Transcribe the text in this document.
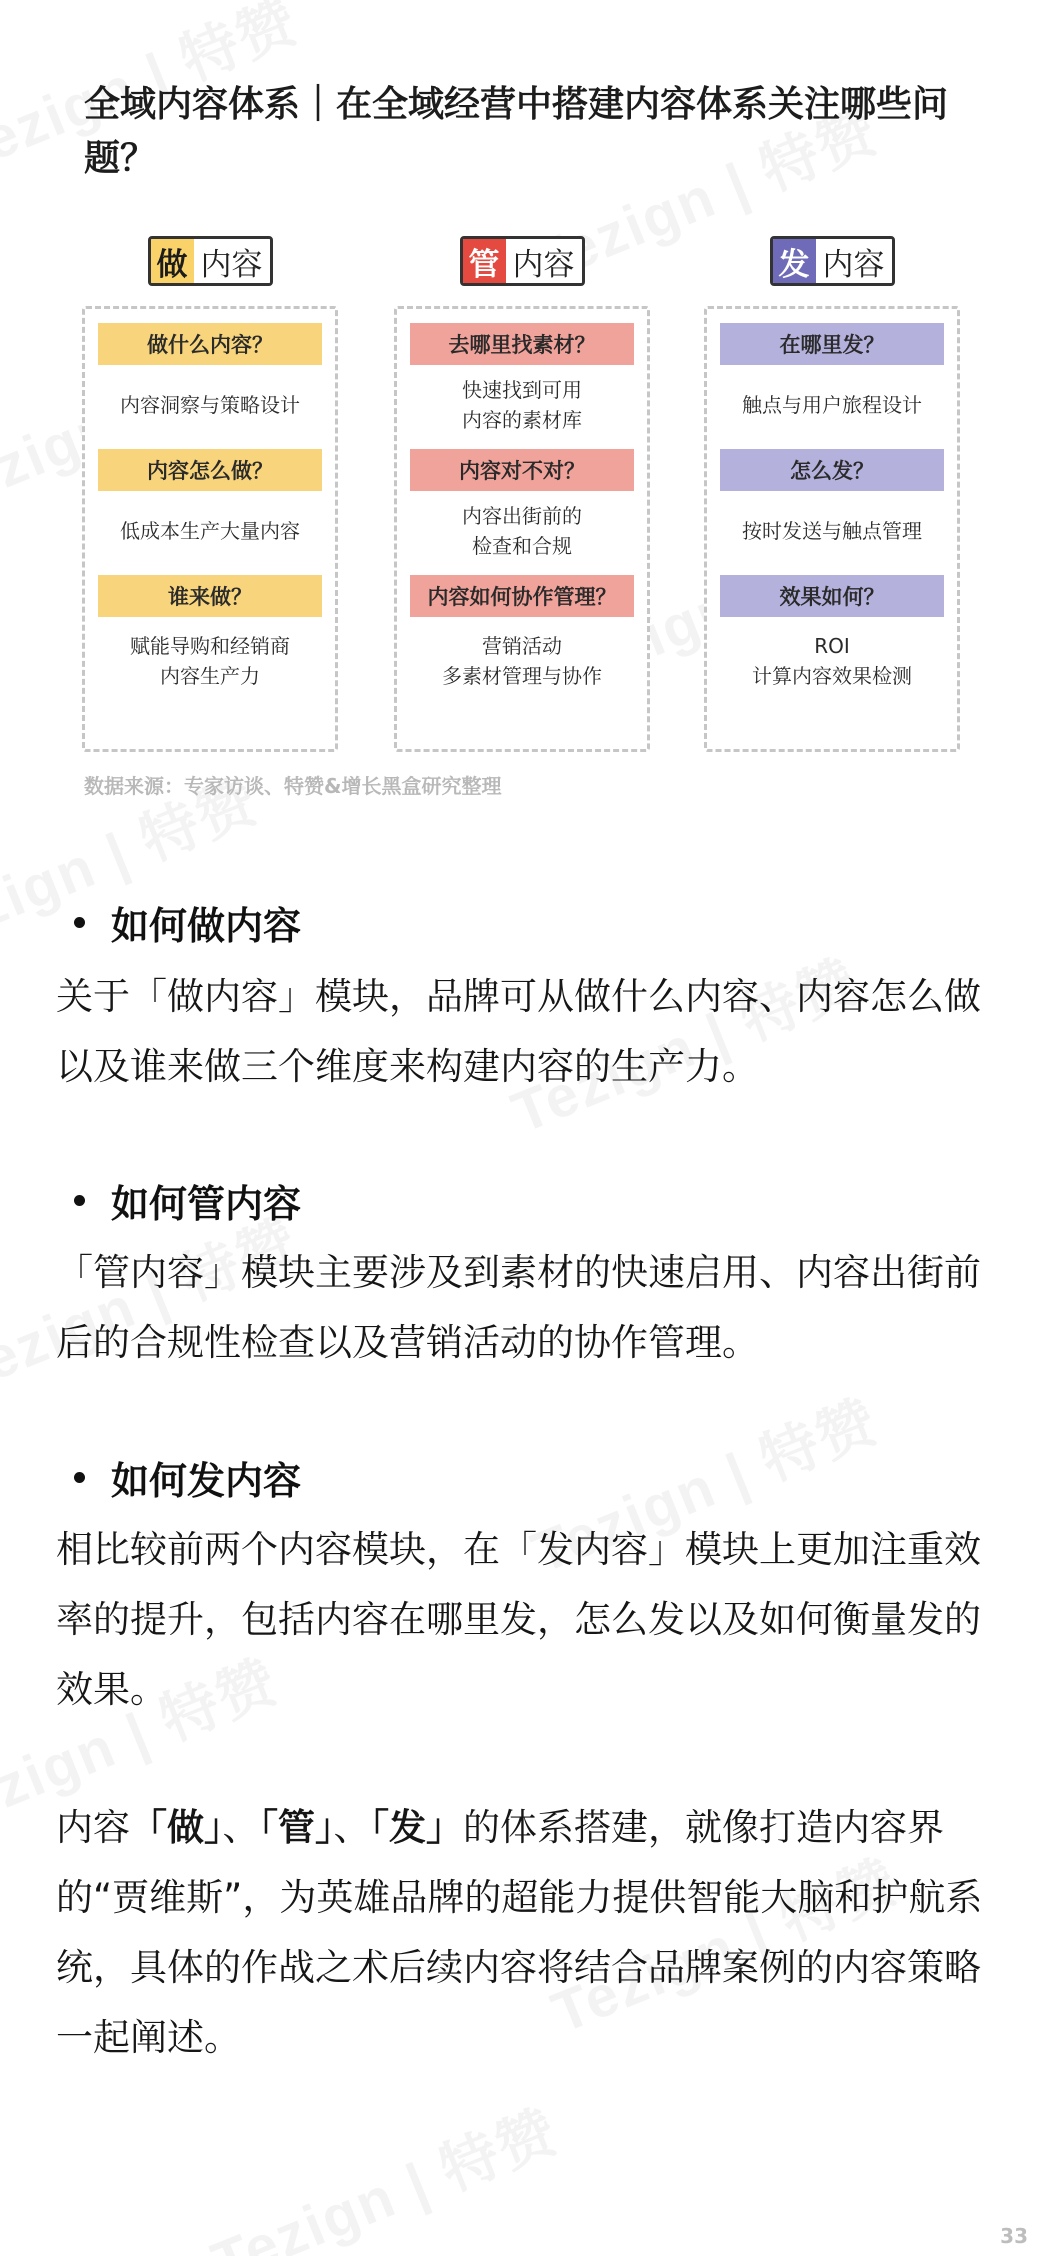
全域内容体系｜在全域经营中搭建内容体系关注哪些问题？
做 内容
做什么内容？
内容洞察与策略设计
内容怎么做？
低成本生产大量内容
谁来做？
赋能导购和经销商
内容生产力
管 内容
去哪里找素材？
快速找到可用
内容的素材库
内容对不对？
内容出街前的
检查和合规
内容如何协作管理？
营销活动
多素材管理与协作
发 内容
在哪里发？
触点与用户旅程设计
怎么发？
按时发送与触点管理
效果如何？
ROI
计算内容效果检测
数据来源：专家访谈、特赞&增长黑盒研究整理
如何做内容
关于「做内容」模块，品牌可从做什么内容、内容怎么做以及谁来做三个维度来构建内容的生产力。
如何管内容
「管内容」模块主要涉及到素材的快速启用、内容出街前后的合规性检查以及营销活动的协作管理。
如何发内容
相比较前两个内容模块，在「发内容」模块上更加注重效率的提升，包括内容在哪里发，怎么发以及如何衡量发的效果。
内容「做」、「管」、「发」的体系搭建，就像打造内容界的“贾维斯”，为英雄品牌的超能力提供智能大脑和护航系统，具体的作战之术后续内容将结合品牌案例的内容策略一起阐述。
33
